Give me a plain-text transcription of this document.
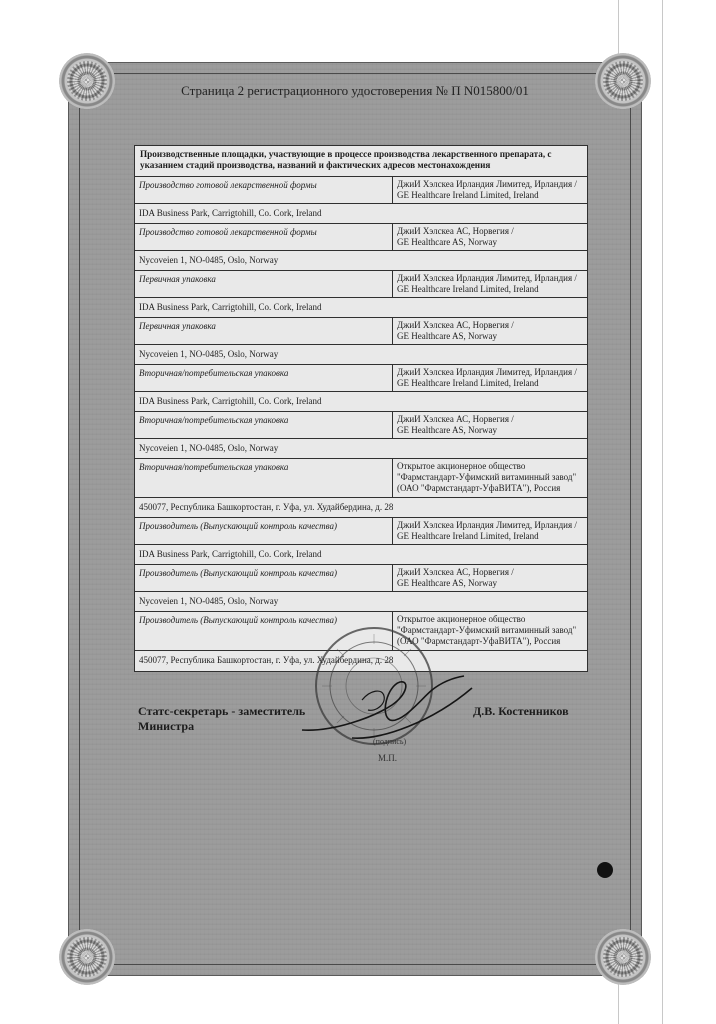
Страница 2 регистрационного удостоверения № П N015800/01
Производственные площадки, участвующие в процессе производства лекарственного препарата, с указанием стадий производства, названий и фактических адресов местонахождения
Производство готовой лекарственной формы	ДжиИ Хэлскеа Ирландия Лимитед, Ирландия /
GE Healthcare Ireland Limited, Ireland
IDA Business Park, Carrigtohill, Co. Cork, Ireland
Производство готовой лекарственной формы	ДжиИ Хэлскеа АС, Норвегия /
GE Healthcare AS, Norway
Nycoveien 1, NO-0485, Oslo, Norway
Первичная упаковка	ДжиИ Хэлскеа Ирландия Лимитед, Ирландия /
GE Healthcare Ireland Limited, Ireland
IDA Business Park, Carrigtohill, Co. Cork, Ireland
Первичная упаковка	ДжиИ Хэлскеа АС, Норвегия /
GE Healthcare AS, Norway
Nycoveien 1, NO-0485, Oslo, Norway
Вторичная/потребительская упаковка	ДжиИ Хэлскеа Ирландия Лимитед, Ирландия /
GE Healthcare Ireland Limited, Ireland
IDA Business Park, Carrigtohill, Co. Cork, Ireland
Вторичная/потребительская упаковка	ДжиИ Хэлскеа АС, Норвегия /
GE Healthcare AS, Norway
Nycoveien 1, NO-0485, Oslo, Norway
Вторичная/потребительская упаковка	Открытое акционерное общество
"Фармстандарт-Уфимский витаминный завод"
(ОАО "Фармстандарт-УфаВИТА"), Россия
450077, Республика Башкортостан, г. Уфа, ул. Худайбердина, д. 28
Производитель (Выпускающий контроль качества)	ДжиИ Хэлскеа Ирландия Лимитед, Ирландия /
GE Healthcare Ireland Limited, Ireland
IDA Business Park, Carrigtohill, Co. Cork, Ireland
Производитель (Выпускающий контроль качества)	ДжиИ Хэлскеа АС, Норвегия /
GE Healthcare AS, Norway
Nycoveien 1, NO-0485, Oslo, Norway
Производитель (Выпускающий контроль качества)	Открытое акционерное общество
"Фармстандарт-Уфимский витаминный завод"
(ОАО "Фармстандарт-УфаВИТА"), Россия
450077, Республика Башкортостан, г. Уфа, ул. Худайбердина, д. 28
Статс-секретарь - заместитель
Министра
Д.В. Костенников
(подпись)
М.П.
